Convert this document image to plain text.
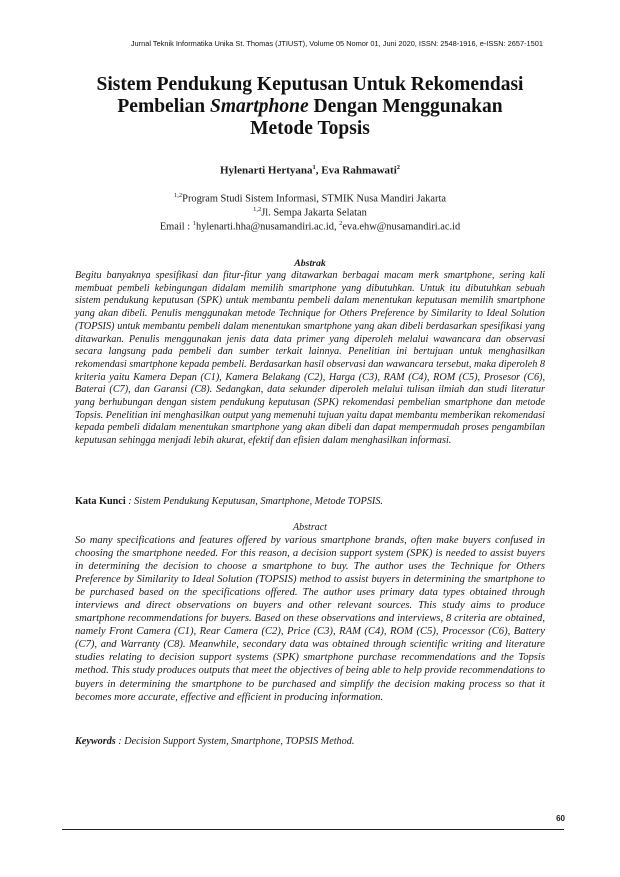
Jurnal Teknik Informatika Unika St. Thomas (JTIUST), Volume 05 Nomor 01, Juni 2020, ISSN: 2548-1916, e-ISSN: 2657-1501
Sistem Pendukung Keputusan Untuk Rekomendasi
Pembelian Smartphone Dengan Menggunakan
Metode Topsis
Hylenarti Hertyana$^1$, Eva Rahmawati$^2$
$^{1,2}$Program Studi Sistem Informasi, STMIK Nusa Mandiri Jakarta
$^{1,2}$Jl. Sempa Jakarta Selatan
Email : $^1$hylenarti.hha@nusamandiri.ac.id, $^2$eva.ehw@nusamandiri.ac.id
Abstrak
Begitu banyaknya spesifikasi dan fitur-fitur yang ditawarkan berbagai macam merk smartphone, sering kali membuat pembeli kebingungan didalam memilih smartphone yang dibutuhkan. Untuk itu dibutuhkan sebuah sistem pendukung keputusan (SPK) untuk membantu pembeli dalam menentukan keputusan memilih smartphone yang akan dibeli. Penulis menggunakan metode Technique for Others Preference by Similarity to Ideal Solution (TOPSIS) untuk membantu pembeli dalam menentukan smartphone yang akan dibeli berdasarkan spesifikasi yang ditawarkan. Penulis menggunakan jenis data data primer yang diperoleh melalui wawancara dan observasi secara langsung pada pembeli dan sumber terkait lainnya. Penelitian ini bertujuan untuk menghasilkan rekomendasi smartphone kepada pembeli. Berdasarkan hasil observasi dan wawancara tersebut, maka diperoleh 8 kriteria yaitu Kamera Depan (C1), Kamera Belakang (C2), Harga (C3), RAM (C4), ROM (C5), Prosesor (C6), Baterai (C7), dan Garansi (C8). Sedangkan, data sekunder diperoleh melalui tulisan ilmiah dan studi literatur yang berhubungan dengan sistem pendukung keputusan (SPK) rekomendasi pembelian smartphone dan metode Topsis. Penelitian ini menghasilkan output yang memenuhi tujuan yaitu dapat membantu memberikan rekomendasi kepada pembeli didalam menentukan smartphone yang akan dibeli dan dapat mempermudah proses pengambilan keputusan sehingga menjadi lebih akurat, efektif dan efisien dalam menghasilkan informasi.
Kata Kunci : Sistem Pendukung Keputusan, Smartphone, Metode TOPSIS.
Abstract
So many specifications and features offered by various smartphone brands, often make buyers confused in choosing the smartphone needed. For this reason, a decision support system (SPK) is needed to assist buyers in determining the decision to choose a smartphone to buy. The author uses the Technique for Others Preference by Similarity to Ideal Solution (TOPSIS) method to assist buyers in determining the smartphone to be purchased based on the specifications offered. The author uses primary data types obtained through interviews and direct observations on buyers and other relevant sources. This study aims to produce smartphone recommendations for buyers. Based on these observations and interviews, 8 criteria are obtained, namely Front Camera (C1), Rear Camera (C2), Price (C3), RAM (C4), ROM (C5), Processor (C6), Battery (C7), and Warranty (C8). Meanwhile, secondary data was obtained through scientific writing and literature studies relating to decision support systems (SPK) smartphone purchase recommendations and the Topsis method. This study produces outputs that meet the objectives of being able to help provide recommendations to buyers in determining the smartphone to be purchased and simplify the decision making process so that it becomes more accurate, effective and efficient in producing information.
Keywords : Decision Support System, Smartphone, TOPSIS Method.
60
